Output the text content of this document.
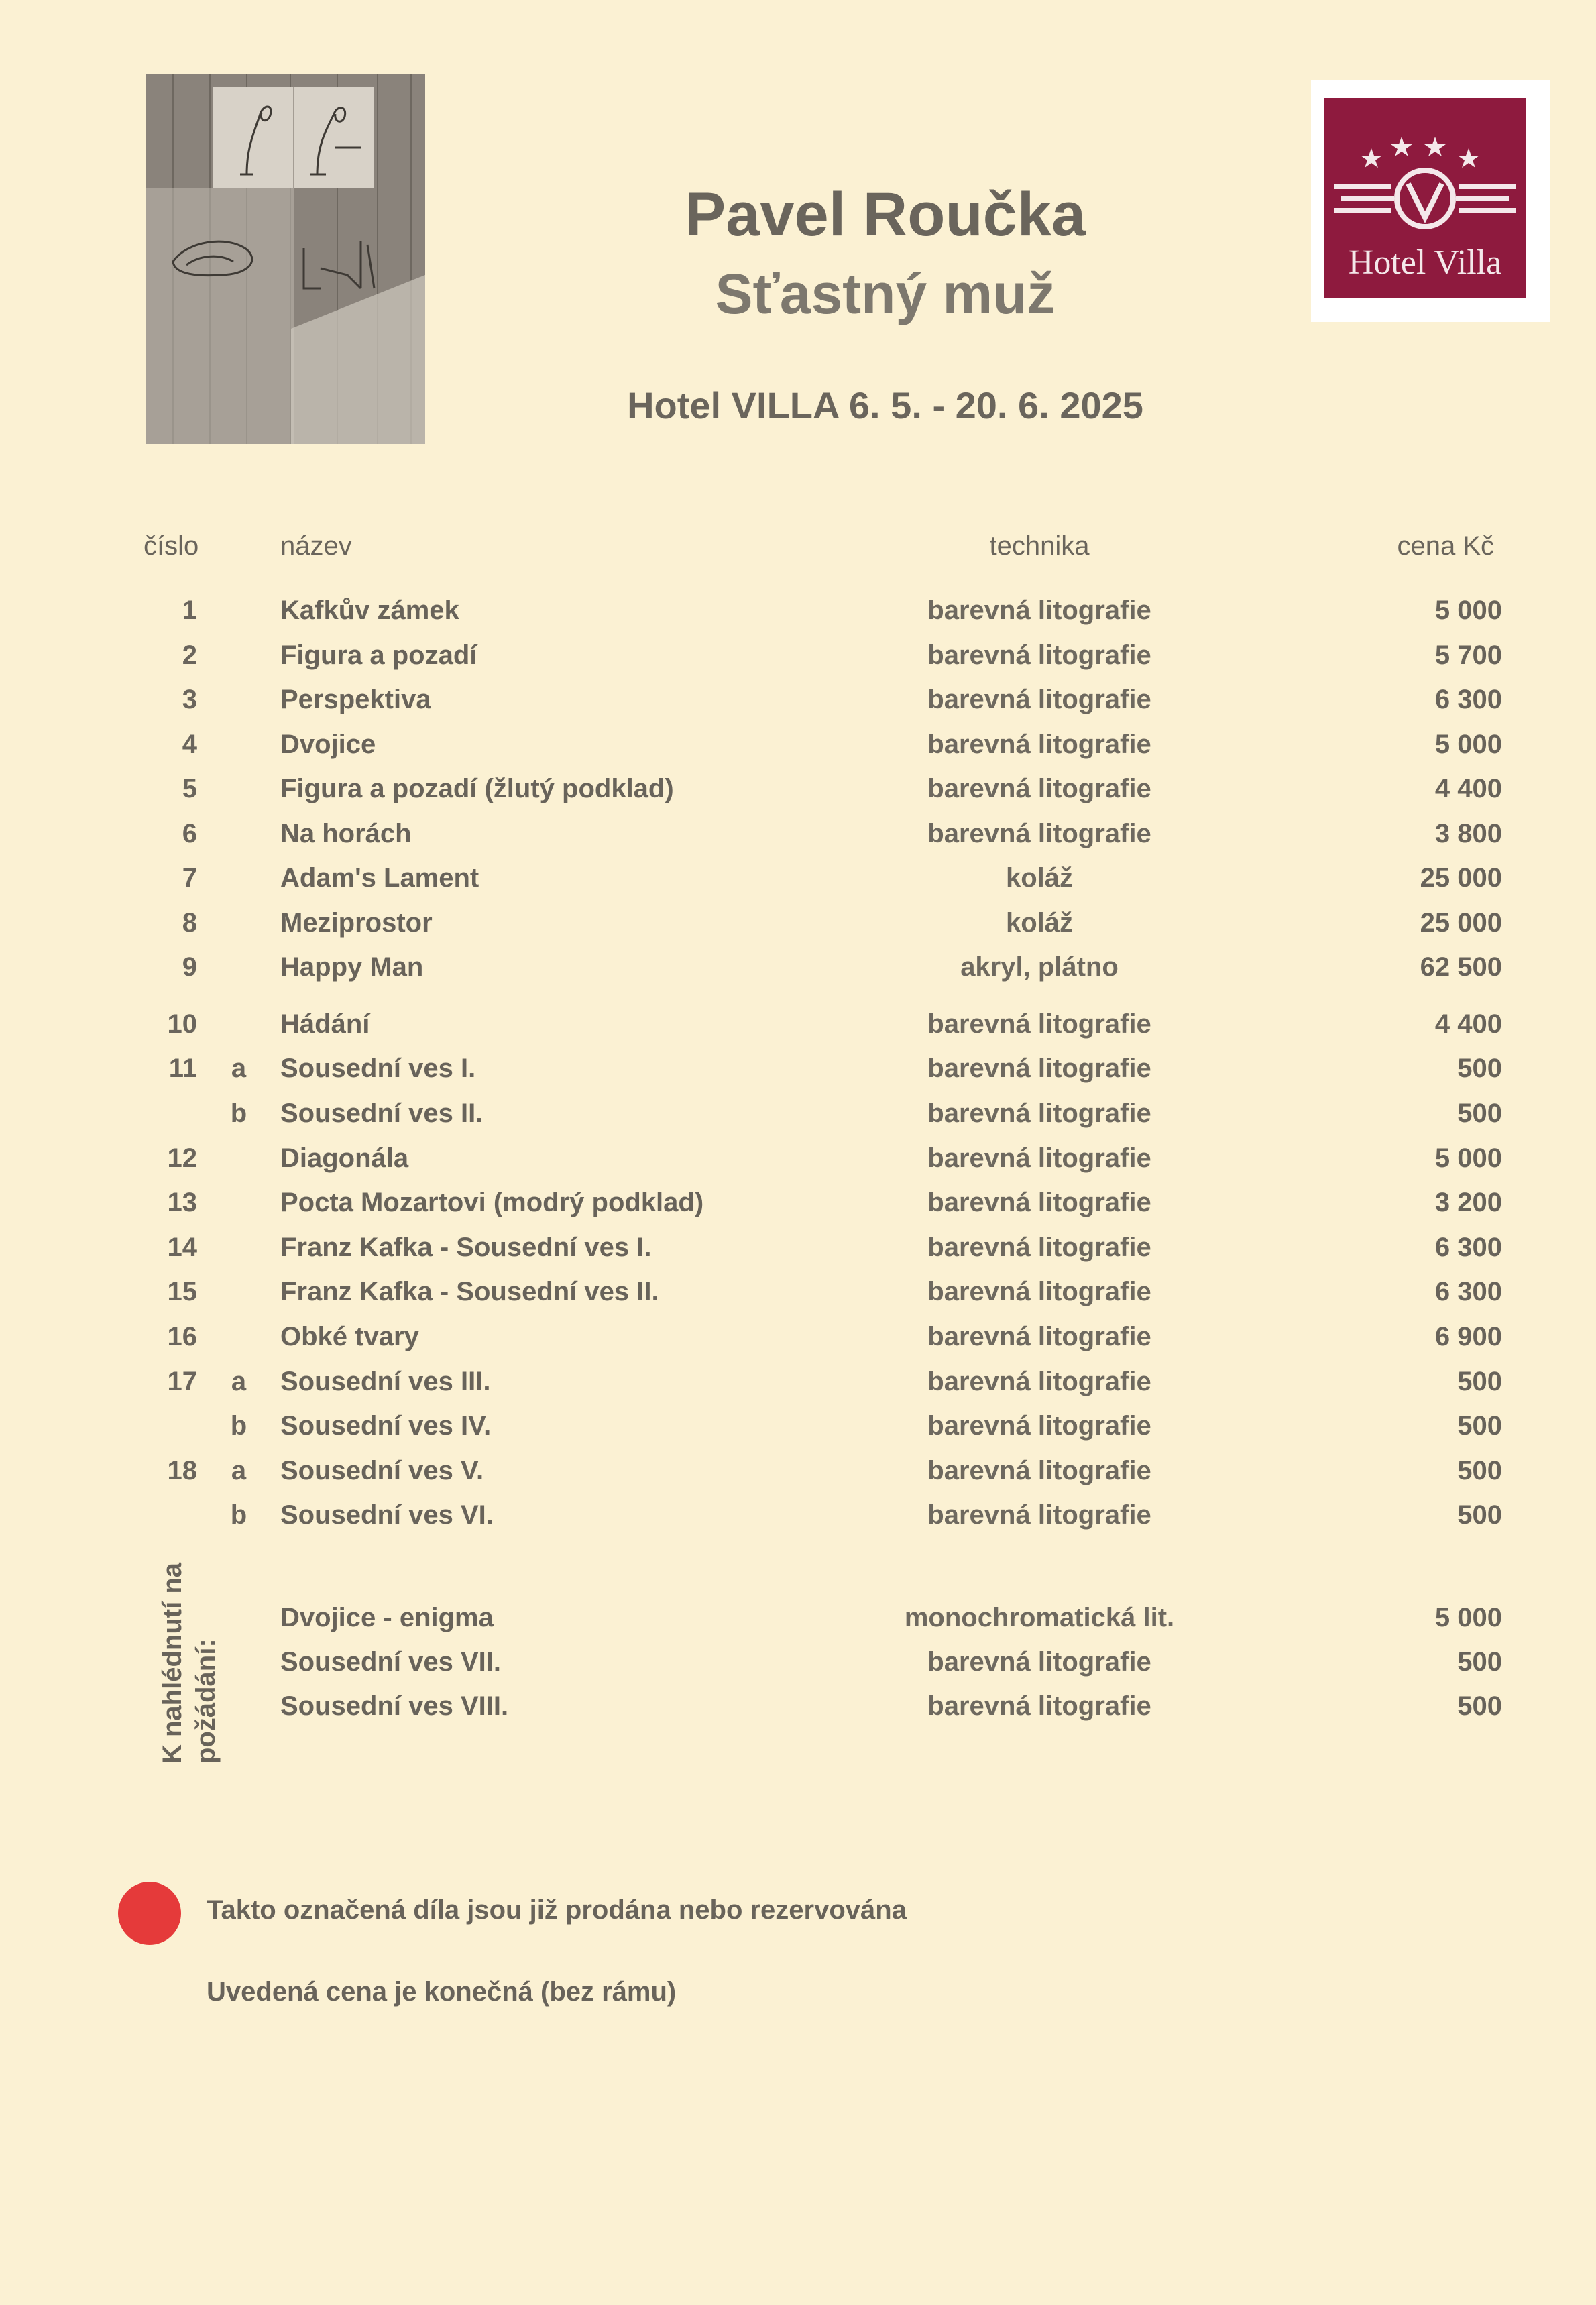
Hotel Villa
Pavel Roučka
Sťastný muž
Hotel VILLA 6. 5. - 20. 6. 2025
číslo	název	technika	cena Kč
1	Kafkův zámek	barevná litografie	5 000
2	Figura a pozadí	barevná litografie	5 700
3	Perspektiva	barevná litografie	6 300
4	Dvojice	barevná litografie	5 000
5	Figura a pozadí (žlutý podklad)	barevná litografie	4 400
6	Na horách	barevná litografie	3 800
7	Adam's Lament	koláž	25 000
8	Meziprostor	koláž	25 000
9	Happy Man	akryl, plátno	62 500
10	Hádání	barevná litografie	4 400
11 a Sousední ves I.	barevná litografie	500
b Sousední ves II.	barevná litografie	500
12	Diagonála	barevná litografie	5 000
13	Pocta Mozartovi (modrý podklad)	barevná litografie	3 200
14	Franz Kafka - Sousední ves I.	barevná litografie	6 300
15	Franz Kafka - Sousední ves II.	barevná litografie	6 300
16	Obké tvary	barevná litografie	6 900
17 a Sousední ves III.	barevná litografie	500
b Sousední ves IV.	barevná litografie	500
18 a Sousední ves V.	barevná litografie	500
b Sousední ves VI.	barevná litografie	500
K nahlédnutí na požádání:
Dvojice - enigma	monochromatická lit.	5 000
Sousední ves VII.	barevná litografie	500
Sousední ves VIII.	barevná litografie	500
Takto označená díla jsou již prodána nebo rezervována
Uvedená cena je konečná (bez rámu)
